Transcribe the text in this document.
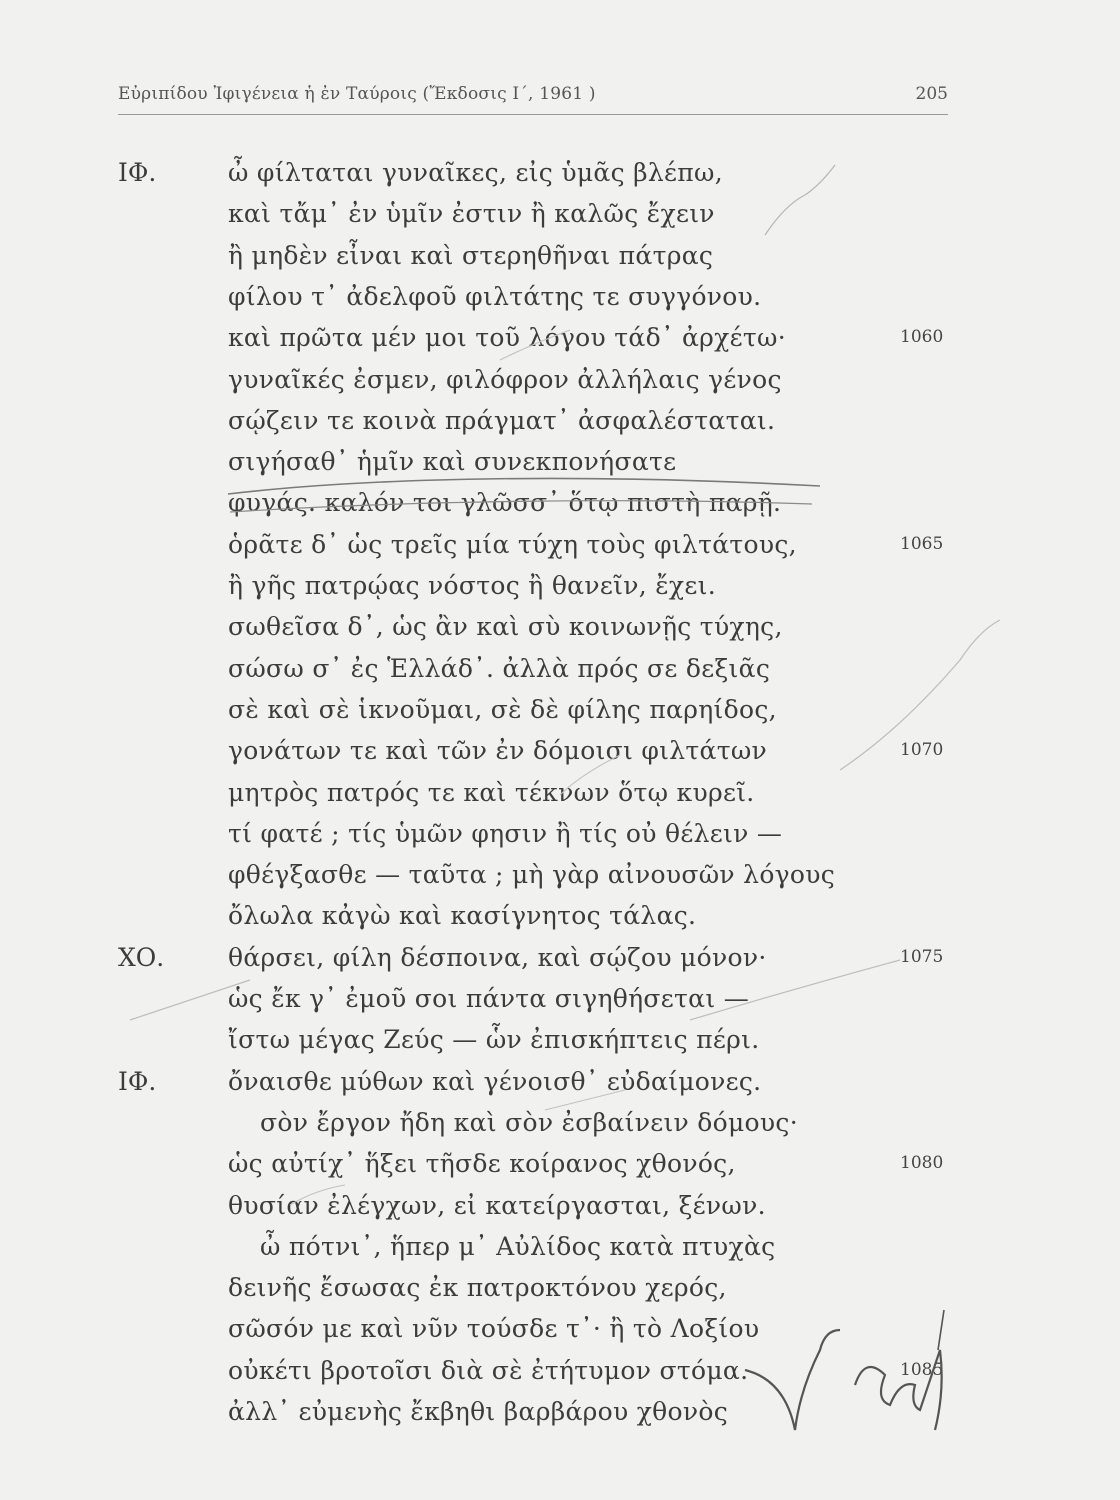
Εὐριπίδου Ἰφιγένεια ἡ ἐν Ταύροις (Ἔκδοσις Ι΄, 1961 )	205
ΙΦ.	ὦ φίλταται γυναῖκες, εἰς ὑμᾶς βλέπω,
καὶ τἄμ᾽ ἐν ὑμῖν ἐστιν ἢ καλῶς ἔχειν
ἢ μηδὲν εἶναι καὶ στερηθῆναι πάτρας
φίλου τ᾽ ἀδελφοῦ φιλτάτης τε συγγόνου.
καὶ πρῶτα μέν μοι τοῦ λόγου τάδ᾽ ἀρχέτω·	1060
γυναῖκές ἐσμεν, φιλόφρον ἀλλήλαις γένος
σῴζειν τε κοινὰ πράγματ᾽ ἀσφαλέσταται.
σιγήσαθ᾽ ἡμῖν καὶ συνεκπονήσατε
φυγάς. καλόν τοι γλῶσσ᾽ ὅτῳ πιστὴ παρῇ.
ὁρᾶτε δ᾽ ὡς τρεῖς μία τύχη τοὺς φιλτάτους,	1065
ἢ γῆς πατρῴας νόστος ἢ θανεῖν, ἔχει.
σωθεῖσα δ᾽, ὡς ἂν καὶ σὺ κοινωνῇς τύχης,
σώσω σ᾽ ἐς Ἑλλάδ᾽. ἀλλὰ πρός σε δεξιᾶς
σὲ καὶ σὲ ἱκνοῦμαι, σὲ δὲ φίλης παρηίδος,
γονάτων τε καὶ τῶν ἐν δόμοισι φιλτάτων	1070
μητρὸς πατρός τε καὶ τέκνων ὅτῳ κυρεῖ.
τί φατέ ; τίς ὑμῶν φησιν ἢ τίς οὐ θέλειν —
φθέγξασθε — ταῦτα ; μὴ γὰρ αἰνουσῶν λόγους
ὄλωλα κἀγὼ καὶ κασίγνητος τάλας.
ΧΟ.	θάρσει, φίλη δέσποινα, καὶ σῴζου μόνον·	1075
ὡς ἔκ γ᾽ ἐμοῦ σοι πάντα σιγηθήσεται —
ἴστω μέγας Ζεύς — ὧν ἐπισκήπτεις πέρι.
ΙΦ.	ὄναισθε μύθων καὶ γένοισθ᾽ εὐδαίμονες.
σὸν ἔργον ἤδη καὶ σὸν ἐσβαίνειν δόμους·
ὡς αὐτίχ᾽ ἥξει τῆσδε κοίρανος χθονός,	1080
θυσίαν ἐλέγχων, εἰ κατείργασται, ξένων.
ὦ πότνι᾽, ἥπερ μ᾽ Αὐλίδος κατὰ πτυχὰς
δεινῆς ἔσωσας ἐκ πατροκτόνου χερός,
σῶσόν με καὶ νῦν τούσδε τ᾽· ἢ τὸ Λοξίου
οὐκέτι βροτοῖσι διὰ σὲ ἐτήτυμον στόμα.	1085
ἀλλ᾽ εὐμενὴς ἔκβηθι βαρβάρου χθονὸς
